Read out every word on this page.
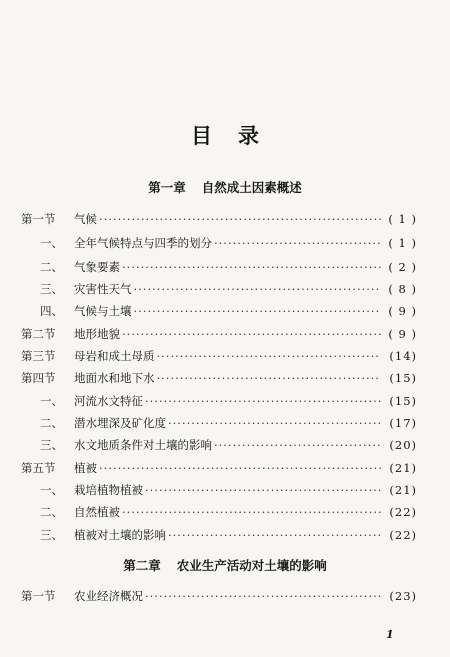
目录
第一章 自然成土因素概述
第一节	气候 ·····	( 1 )
一、 全年气候特点与四季的划分 ·····	( 1 )
二、 气象要素 ·····	( 2 )
三、 灾害性天气 ·····	( 8 )
四、 气候与土壤 ·····	( 9 )
第二节	地形地貌 ·····	( 9 )
第三节	母岩和成土母质 ·····	(14)
第四节	地面水和地下水 ·····	(15)
一、 河流水文特征 ·····	(15)
二、 潜水埋深及矿化度 ·····	(17)
三、 水文地质条件对土壤的影响 ·····	(20)
第五节	植被 ·····	(21)
一、 栽培植物植被 ·····	(21)
二、 自然植被 ·····	(22)
三、 植被对土壤的影响 ·····	(22)
第二章 农业生产活动对土壤的影响
第一节	农业经济概况 ·····	(23)
1
